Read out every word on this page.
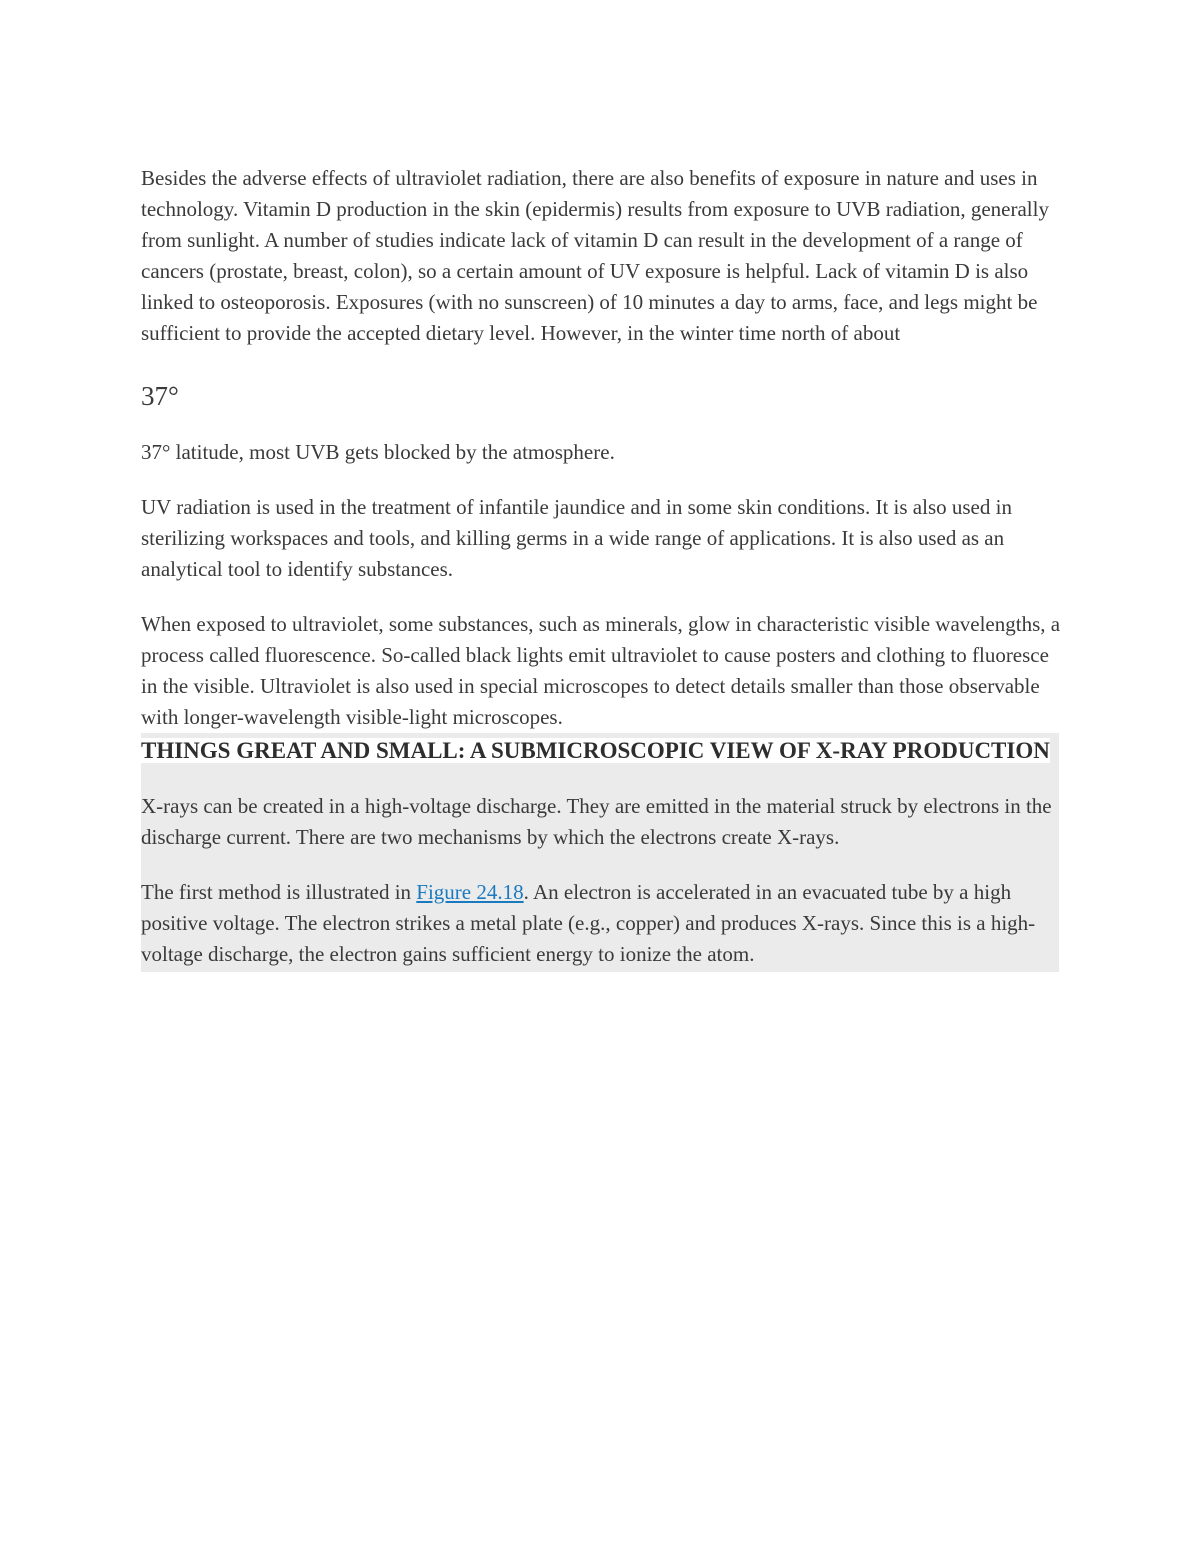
Besides the adverse effects of ultraviolet radiation, there are also benefits of exposure in nature and uses in technology. Vitamin D production in the skin (epidermis) results from exposure to UVB radiation, generally from sunlight. A number of studies indicate lack of vitamin D can result in the development of a range of cancers (prostate, breast, colon), so a certain amount of UV exposure is helpful. Lack of vitamin D is also linked to osteoporosis. Exposures (with no sunscreen) of 10 minutes a day to arms, face, and legs might be sufficient to provide the accepted dietary level. However, in the winter time north of about

37°

37° latitude, most UVB gets blocked by the atmosphere.

UV radiation is used in the treatment of infantile jaundice and in some skin conditions. It is also used in sterilizing workspaces and tools, and killing germs in a wide range of applications. It is also used as an analytical tool to identify substances.

When exposed to ultraviolet, some substances, such as minerals, glow in characteristic visible wavelengths, a process called fluorescence. So-called black lights emit ultraviolet to cause posters and clothing to fluoresce in the visible. Ultraviolet is also used in special microscopes to detect details smaller than those observable with longer-wavelength visible-light microscopes.

THINGS GREAT AND SMALL: A SUBMICROSCOPIC VIEW OF X-RAY PRODUCTION

X-rays can be created in a high-voltage discharge. They are emitted in the material struck by electrons in the discharge current. There are two mechanisms by which the electrons create X-rays.

The first method is illustrated in Figure 24.18. An electron is accelerated in an evacuated tube by a high positive voltage. The electron strikes a metal plate (e.g., copper) and produces X-rays. Since this is a high-voltage discharge, the electron gains sufficient energy to ionize the atom.
